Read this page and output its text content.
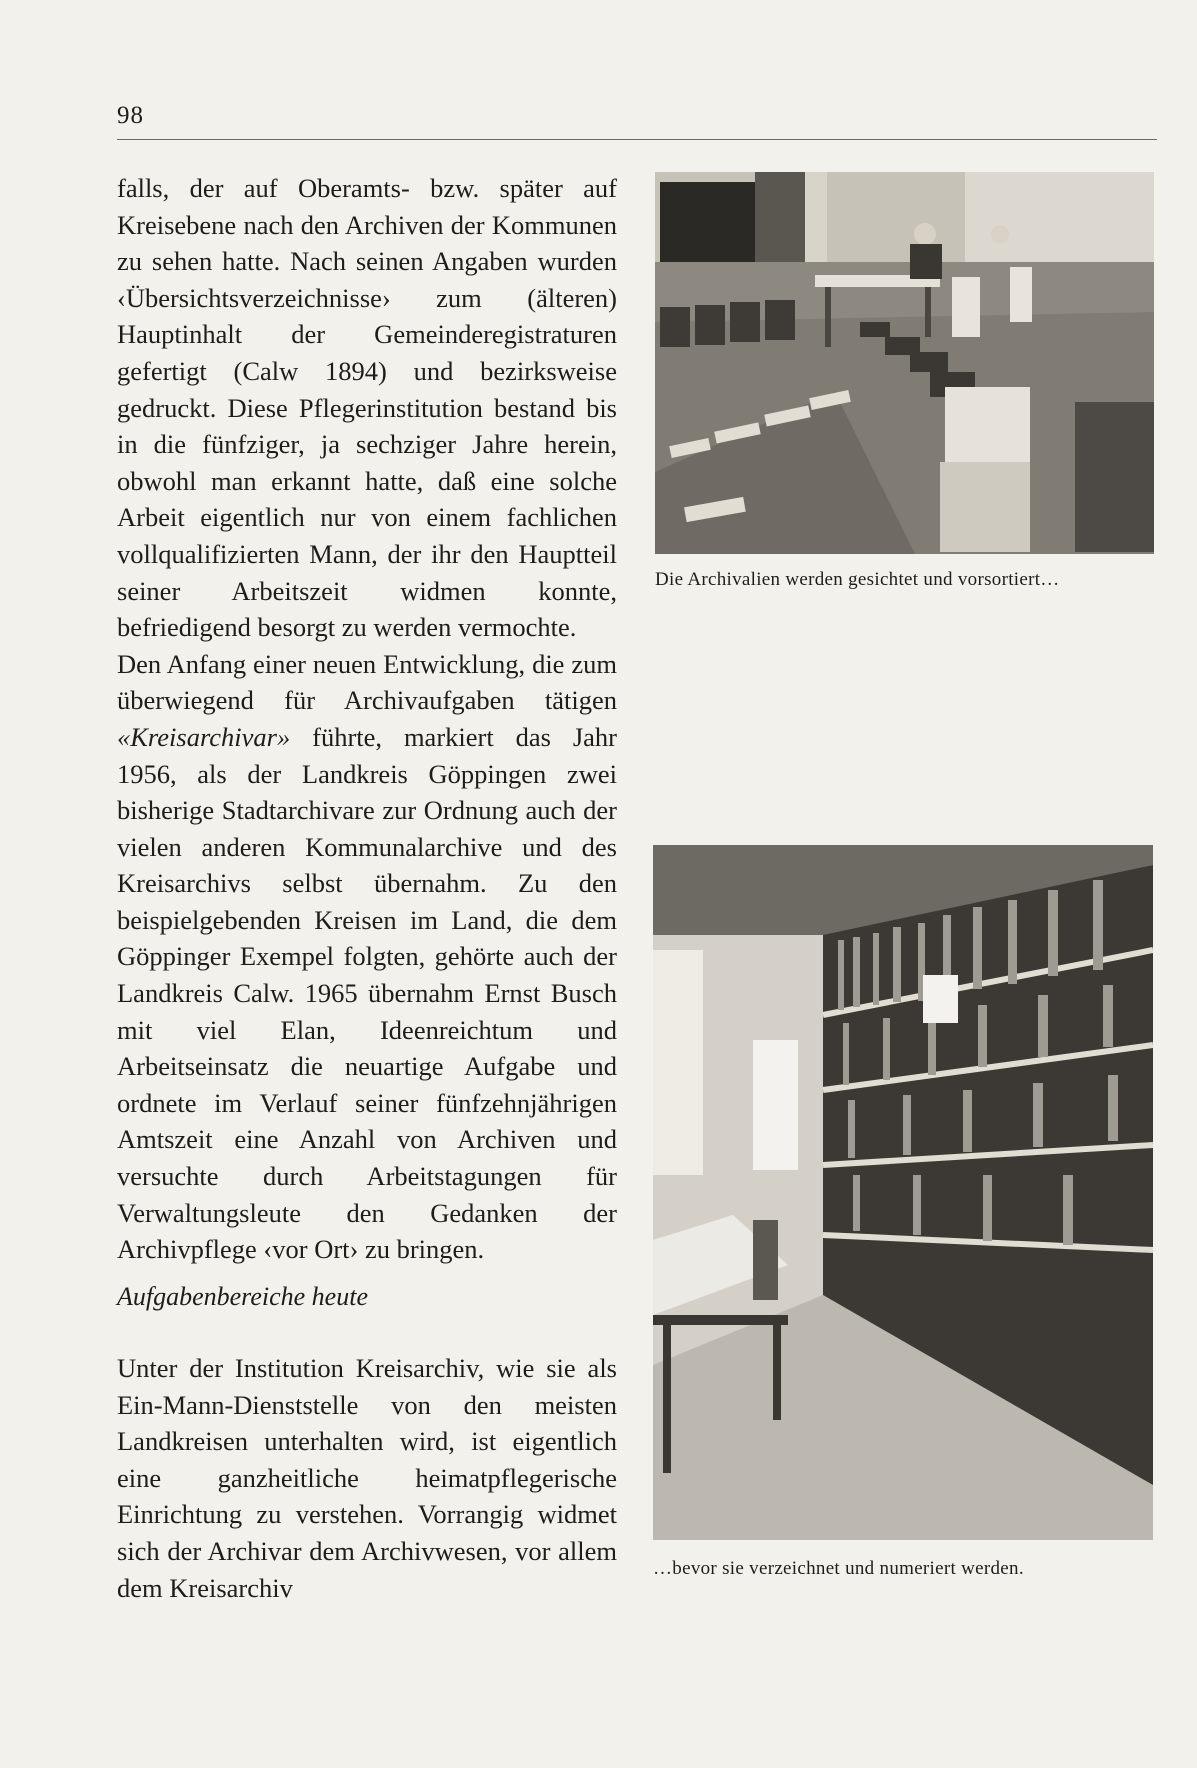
98

falls, der auf Oberamts- bzw. später auf Kreisebene nach den Archiven der Kommunen zu sehen hatte. Nach seinen Angaben wurden ‹Übersichtsverzeichnisse› zum (älteren) Hauptinhalt der Gemeinderegistraturen gefertigt (Calw 1894) und bezirksweise gedruckt. Diese Pflegerinstitution bestand bis in die fünfziger, ja sechziger Jahre herein, obwohl man erkannt hatte, daß eine solche Arbeit eigentlich nur von einem fachlichen vollqualifizierten Mann, der ihr den Hauptteil seiner Arbeitszeit widmen konnte, befriedigend besorgt zu werden vermochte.

Den Anfang einer neuen Entwicklung, die zum überwiegend für Archivaufgaben tätigen «Kreisarchivar» führte, markiert das Jahr 1956, als der Landkreis Göppingen zwei bisherige Stadtarchivare zur Ordnung auch der vielen anderen Kommunalarchive und des Kreisarchivs selbst übernahm. Zu den beispielgebenden Kreisen im Land, die dem Göppinger Exempel folgten, gehörte auch der Landkreis Calw. 1965 übernahm Ernst Busch mit viel Elan, Ideenreichtum und Arbeitseinsatz die neuartige Aufgabe und ordnete im Verlauf seiner fünfzehnjährigen Amtszeit eine Anzahl von Archiven und versuchte durch Arbeitstagungen für Verwaltungsleute den Gedanken der Archivpflege ‹vor Ort› zu bringen.

Aufgabenbereiche heute
Unter der Institution Kreisarchiv, wie sie als Ein-Mann-Dienststelle von den meisten Landkreisen unterhalten wird, ist eigentlich eine ganzheitliche heimatpflegerische Einrichtung zu verstehen. Vorrangig widmet sich der Archivar dem Archivwesen, vor allem dem Kreisarchiv
Die Archivalien werden gesichtet und vorsortiert…
…bevor sie verzeichnet und numeriert werden.
